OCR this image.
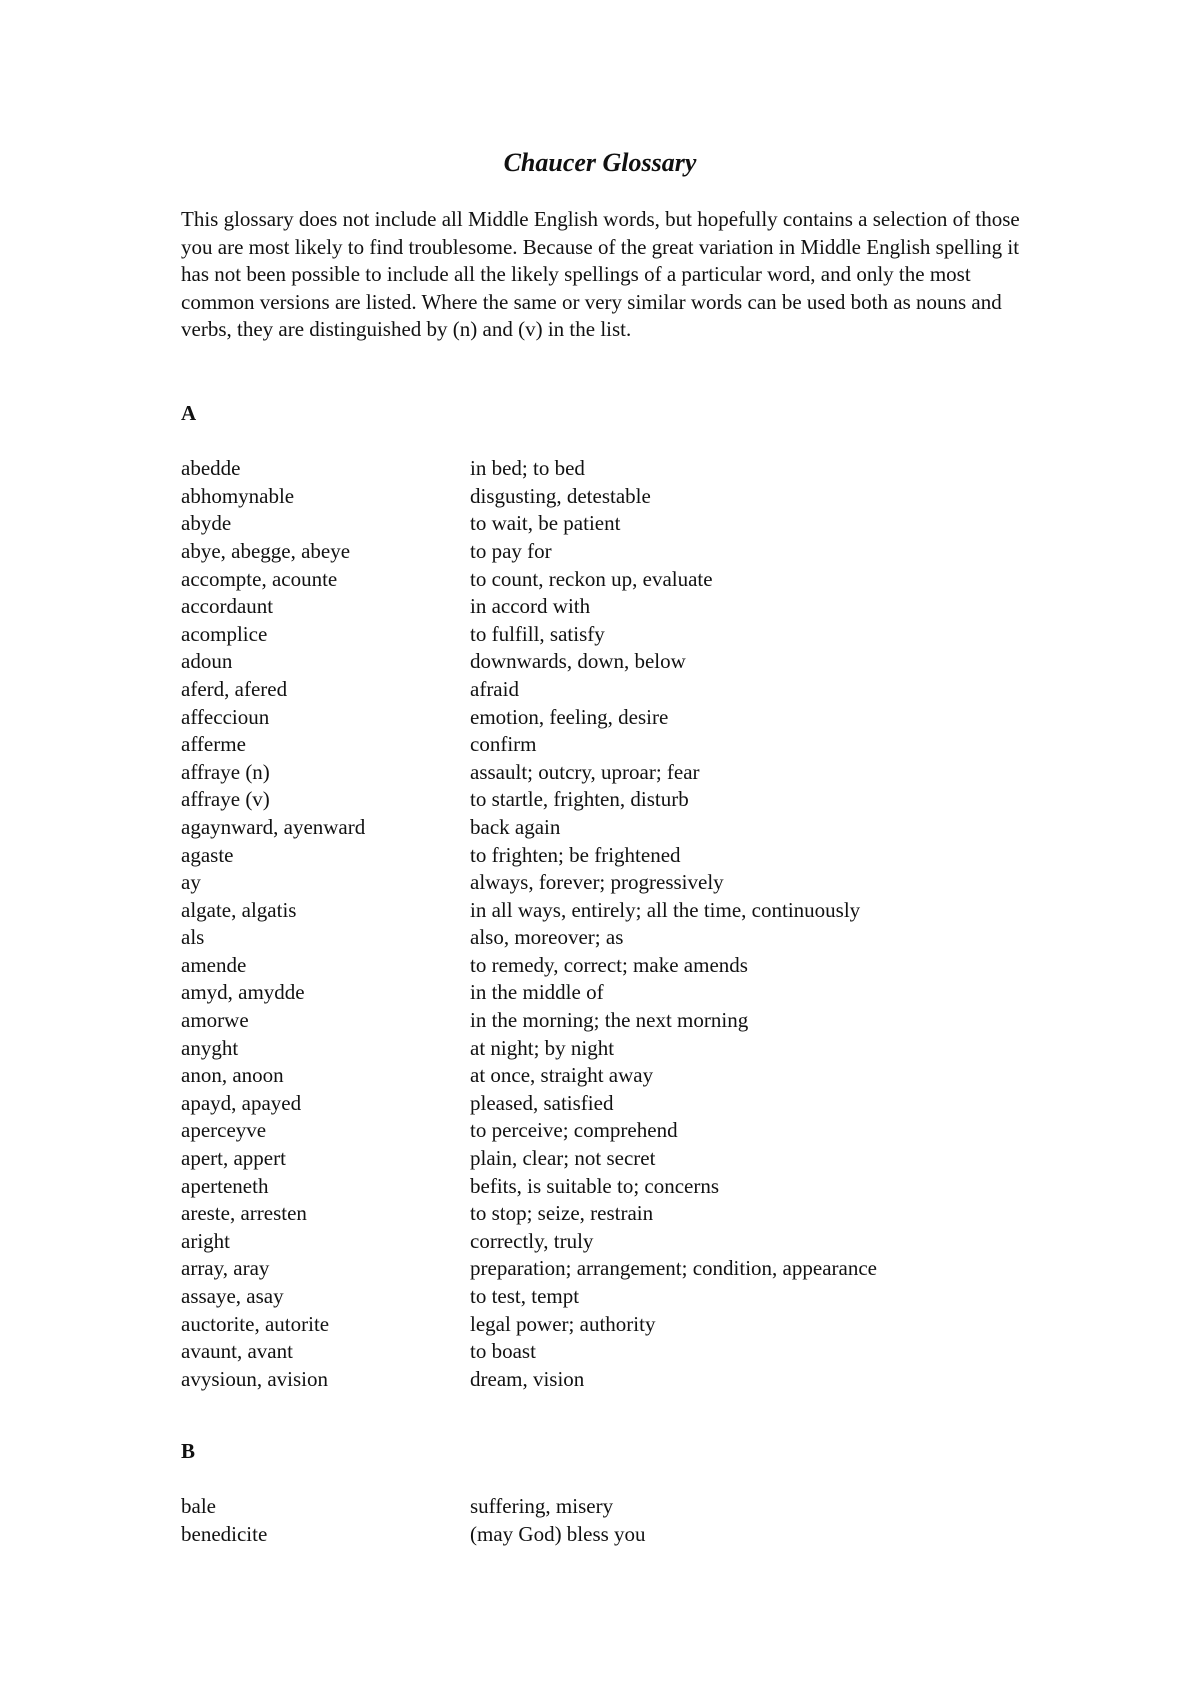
Chaucer Glossary

This glossary does not include all Middle English words, but hopefully contains a selection of those you are most likely to find troublesome. Because of the great variation in Middle English spelling it has not been possible to include all the likely spellings of a particular word, and only the most common versions are listed. Where the same or very similar words can be used both as nouns and verbs, they are distinguished by (n) and (v) in the list.

A
abedde	in bed; to bed
abhomynable	disgusting, detestable
abyde	to wait, be patient
abye, abegge, abeye	to pay for
accompte, acounte	to count, reckon up, evaluate
accordaunt	in accord with
acomplice	to fulfill, satisfy
adoun	downwards, down, below
aferd, afered	afraid
affeccioun	emotion, feeling, desire
afferme	confirm
affraye (n)	assault; outcry, uproar; fear
affraye (v)	to startle, frighten, disturb
agaynward, ayenward	back again
agaste	to frighten; be frightened
ay	always, forever; progressively
algate, algatis	in all ways, entirely; all the time, continuously
als	also, moreover; as
amende	to remedy, correct; make amends
amyd, amydde	in the middle of
amorwe	in the morning; the next morning
anyght	at night; by night
anon, anoon	at once, straight away
apayd, apayed	pleased, satisfied
aperceyve	to perceive; comprehend
apert, appert	plain, clear; not secret
aperteneth	befits, is suitable to; concerns
areste, arresten	to stop; seize, restrain
aright	correctly, truly
array, aray	preparation; arrangement; condition, appearance
assaye, asay	to test, tempt
auctorite, autorite	legal power; authority
avaunt, avant	to boast
avysioun, avision	dream, vision
B
bale	suffering, misery
benedicite	(may God) bless you
